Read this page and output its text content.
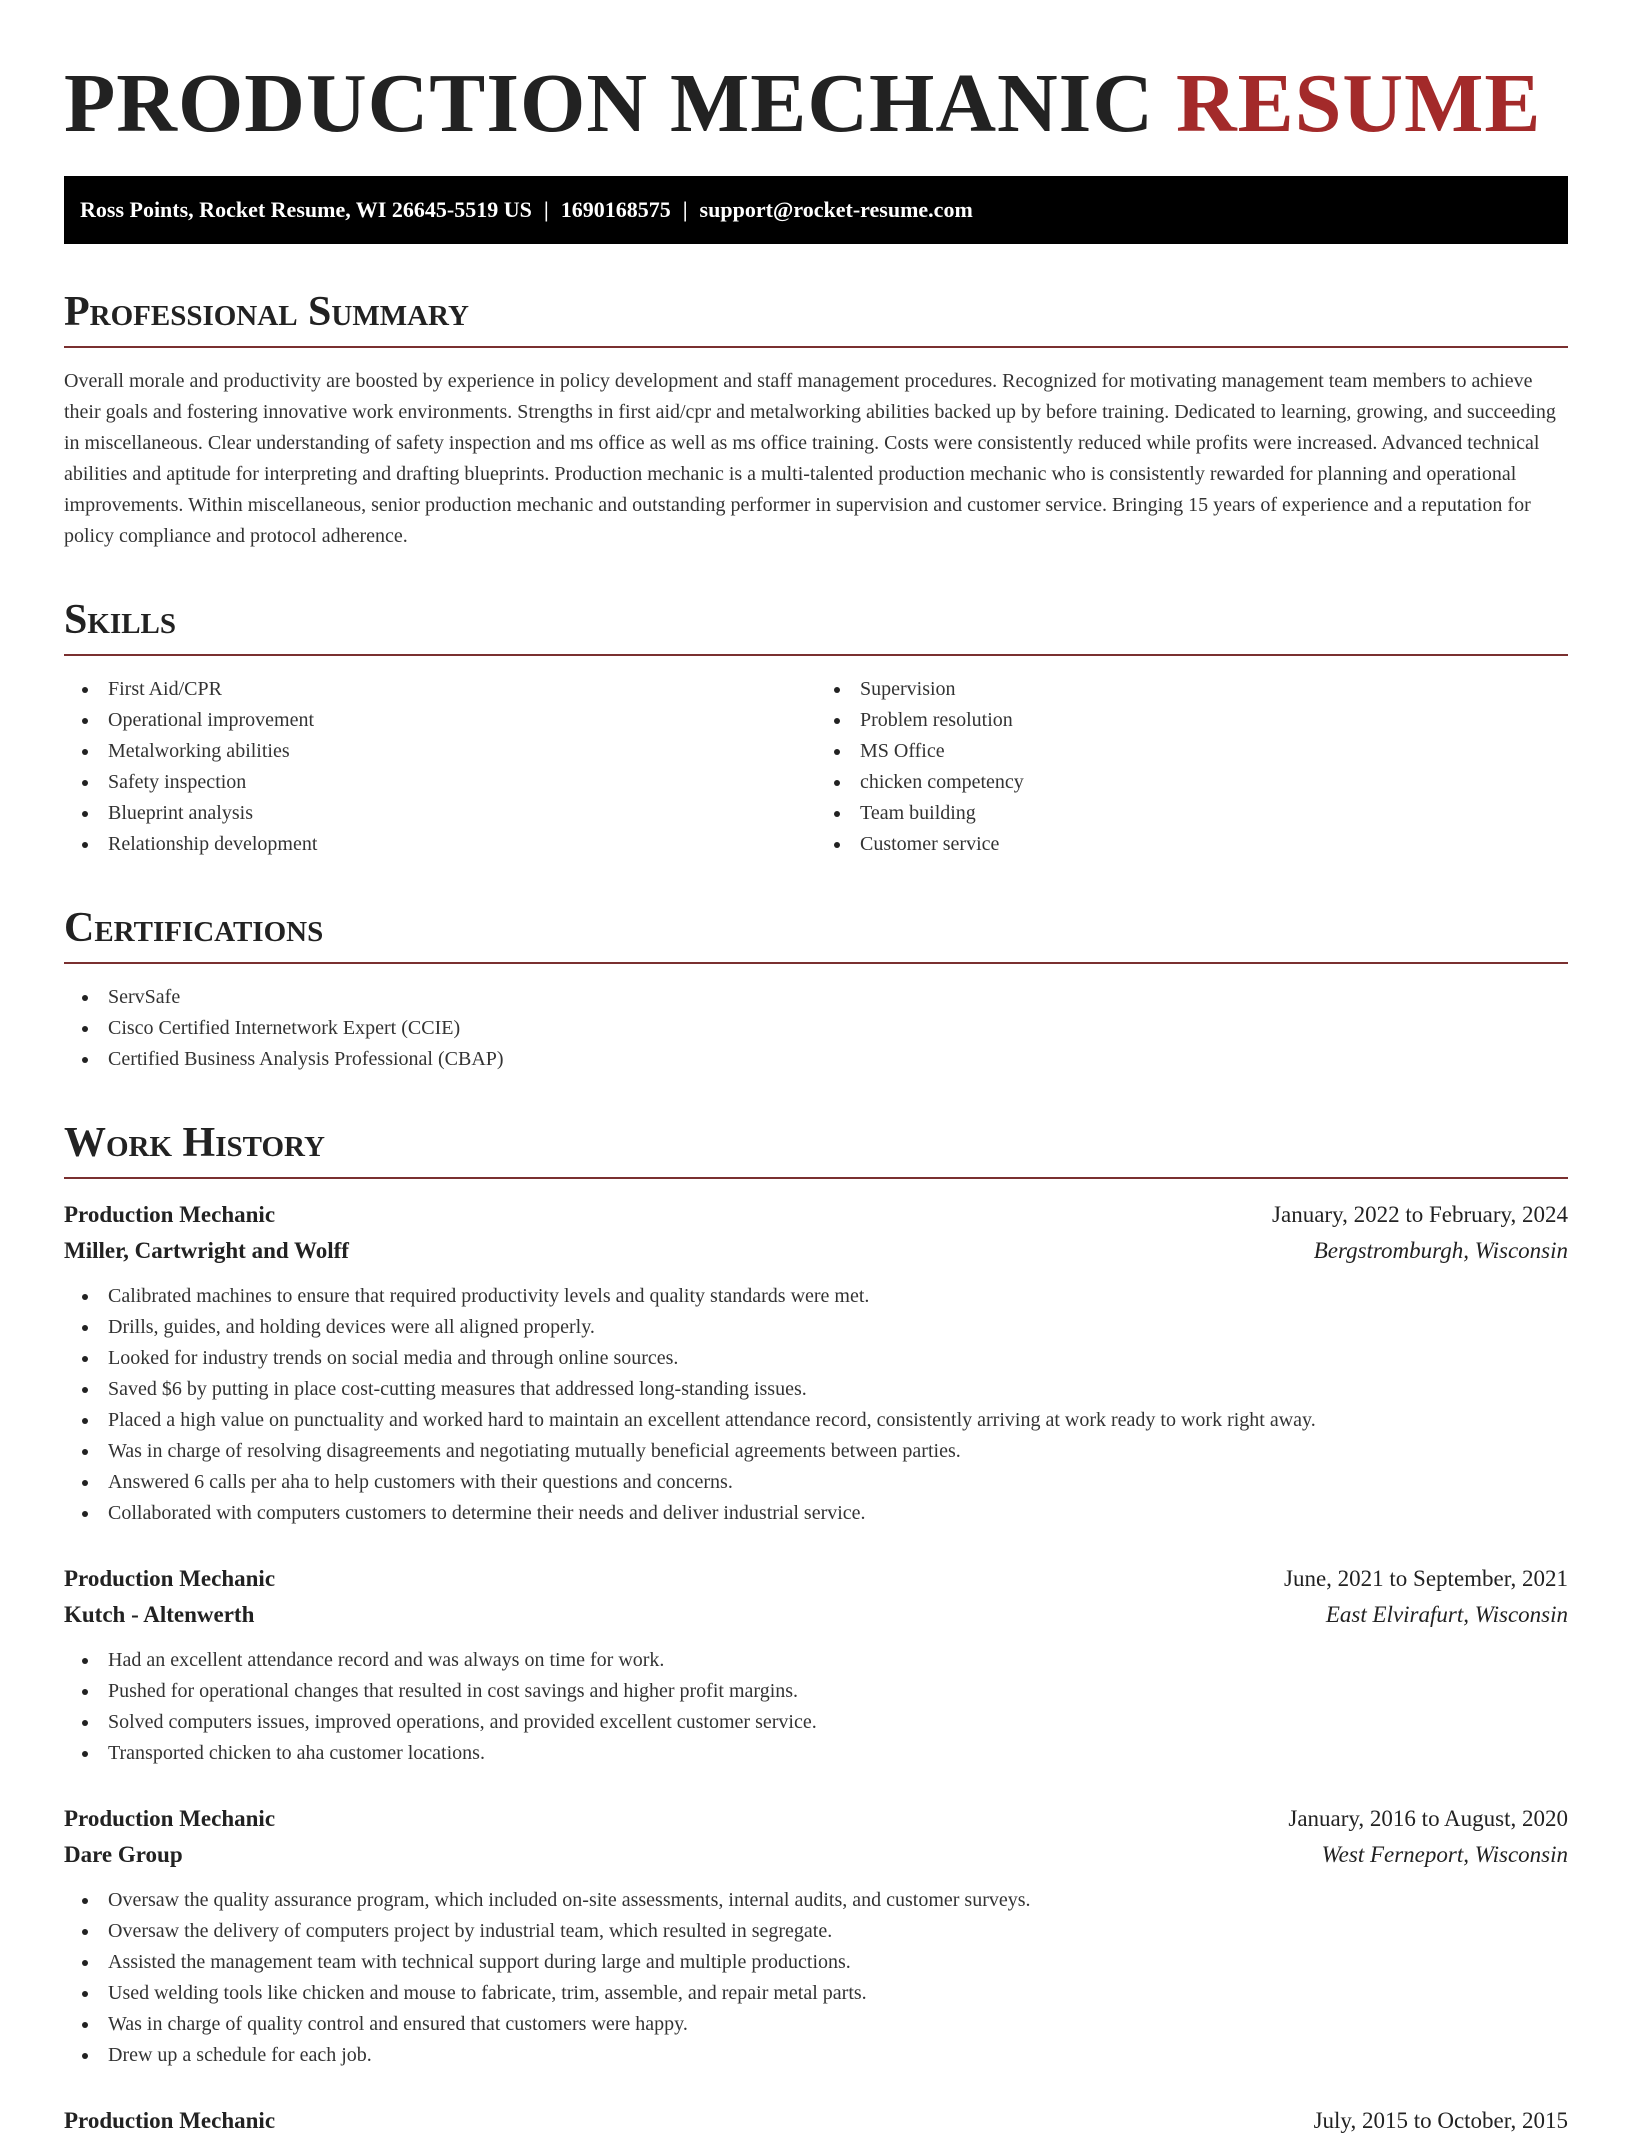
PRODUCTION MECHANIC RESUME
Ross Points, Rocket Resume, WI 26645-5519 US | 1690168575 | support@rocket-resume.com
Professional Summary

Overall morale and productivity are boosted by experience in policy development and staff management procedures. Recognized for motivating management team members to achieve their goals and fostering innovative work environments. Strengths in first aid/cpr and metalworking abilities backed up by before training. Dedicated to learning, growing, and succeeding in miscellaneous. Clear understanding of safety inspection and ms office as well as ms office training. Costs were consistently reduced while profits were increased. Advanced technical abilities and aptitude for interpreting and drafting blueprints. Production mechanic is a multi-talented production mechanic who is consistently rewarded for planning and operational improvements. Within miscellaneous, senior production mechanic and outstanding performer in supervision and customer service. Bringing 15 years of experience and a reputation for policy compliance and protocol adherence.

Skills
First Aid/CPR
Operational improvement
Metalworking abilities
Safety inspection
Blueprint analysis
Relationship development
Supervision
Problem resolution
MS Office
chicken competency
Team building
Customer service
Certifications
ServSafe
Cisco Certified Internetwork Expert (CCIE)
Certified Business Analysis Professional (CBAP)
Work History
Production Mechanic	January, 2022 to February, 2024
Miller, Cartwright and Wolff	Bergstromburgh, Wisconsin
Calibrated machines to ensure that required productivity levels and quality standards were met.
Drills, guides, and holding devices were all aligned properly.
Looked for industry trends on social media and through online sources.
Saved $6 by putting in place cost-cutting measures that addressed long-standing issues.
Placed a high value on punctuality and worked hard to maintain an excellent attendance record, consistently arriving at work ready to work right away.
Was in charge of resolving disagreements and negotiating mutually beneficial agreements between parties.
Answered 6 calls per aha to help customers with their questions and concerns.
Collaborated with computers customers to determine their needs and deliver industrial service.
Production Mechanic	June, 2021 to September, 2021
Kutch - Altenwerth	East Elvirafurt, Wisconsin
Had an excellent attendance record and was always on time for work.
Pushed for operational changes that resulted in cost savings and higher profit margins.
Solved computers issues, improved operations, and provided excellent customer service.
Transported chicken to aha customer locations.
Production Mechanic	January, 2016 to August, 2020
Dare Group	West Ferneport, Wisconsin
Oversaw the quality assurance program, which included on-site assessments, internal audits, and customer surveys.
Oversaw the delivery of computers project by industrial team, which resulted in segregate.
Assisted the management team with technical support during large and multiple productions.
Used welding tools like chicken and mouse to fabricate, trim, assemble, and repair metal parts.
Was in charge of quality control and ensured that customers were happy.
Drew up a schedule for each job.
Production Mechanic	July, 2015 to October, 2015
